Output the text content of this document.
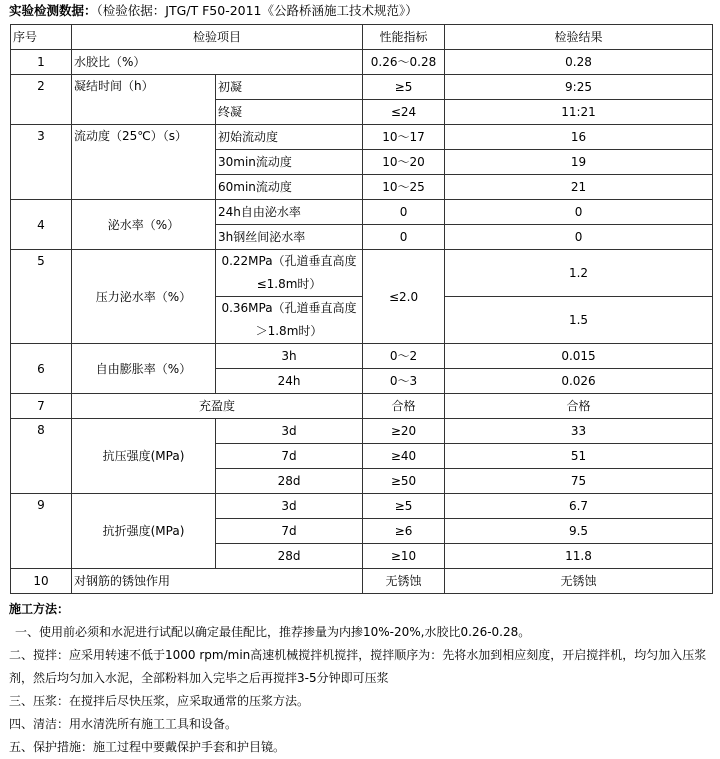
实验检测数据：（检验依据：JTG/T F50-2011《公路桥涵施工技术规范》）
施工方法：
一、使用前必须和水泥进行试配以确定最佳配比，推荐掺量为内掺10%-20%,水胶比0.26-0.28。
二、搅拌：应采用转速不低于1000 rpm/min高速机械搅拌机搅拌，搅拌顺序为：先将水加到相应刻度，开启搅拌机，均匀加入压浆剂，然后均匀加入水泥，全部粉料加入完毕之后再搅拌3-5分钟即可压浆
三、压浆：在搅拌后尽快压浆，应采取通常的压浆方法。
四、清洁：用水清洗所有施工工具和设备。
五、保护措施：施工过程中要戴保护手套和护目镜。
序号	检验项目		性能指标	检验结果
1	水胶比（%）		0.26～0.28	0.28
2	凝结时间（h）	初凝	≥5	9:25
		终凝	≤24	11:21
3	流动度（25℃）（s）	初始流动度	10～17	16
		30min流动度	10～20	19
		60min流动度	10～25	21
4	泌水率（%）	24h自由泌水率	0	0
		3h钢丝间泌水率	0	0
5	压力泌水率（%）	0.22MPa（孔道垂直高度≤1.8m时）	≤2.0	1.2
		0.36MPa（孔道垂直高度＞1.8m时）		1.5
6	自由膨胀率（%）	3h	0～2	0.015
		24h	0～3	0.026
7	充盈度		合格	合格
8	抗压强度(MPa)	3d	≥20	33
		7d	≥40	51
		28d	≥50	75
9	抗折强度(MPa)	3d	≥5	6.7
		7d	≥6	9.5
		28d	≥10	11.8
10	对钢筋的锈蚀作用		无锈蚀	无锈蚀
